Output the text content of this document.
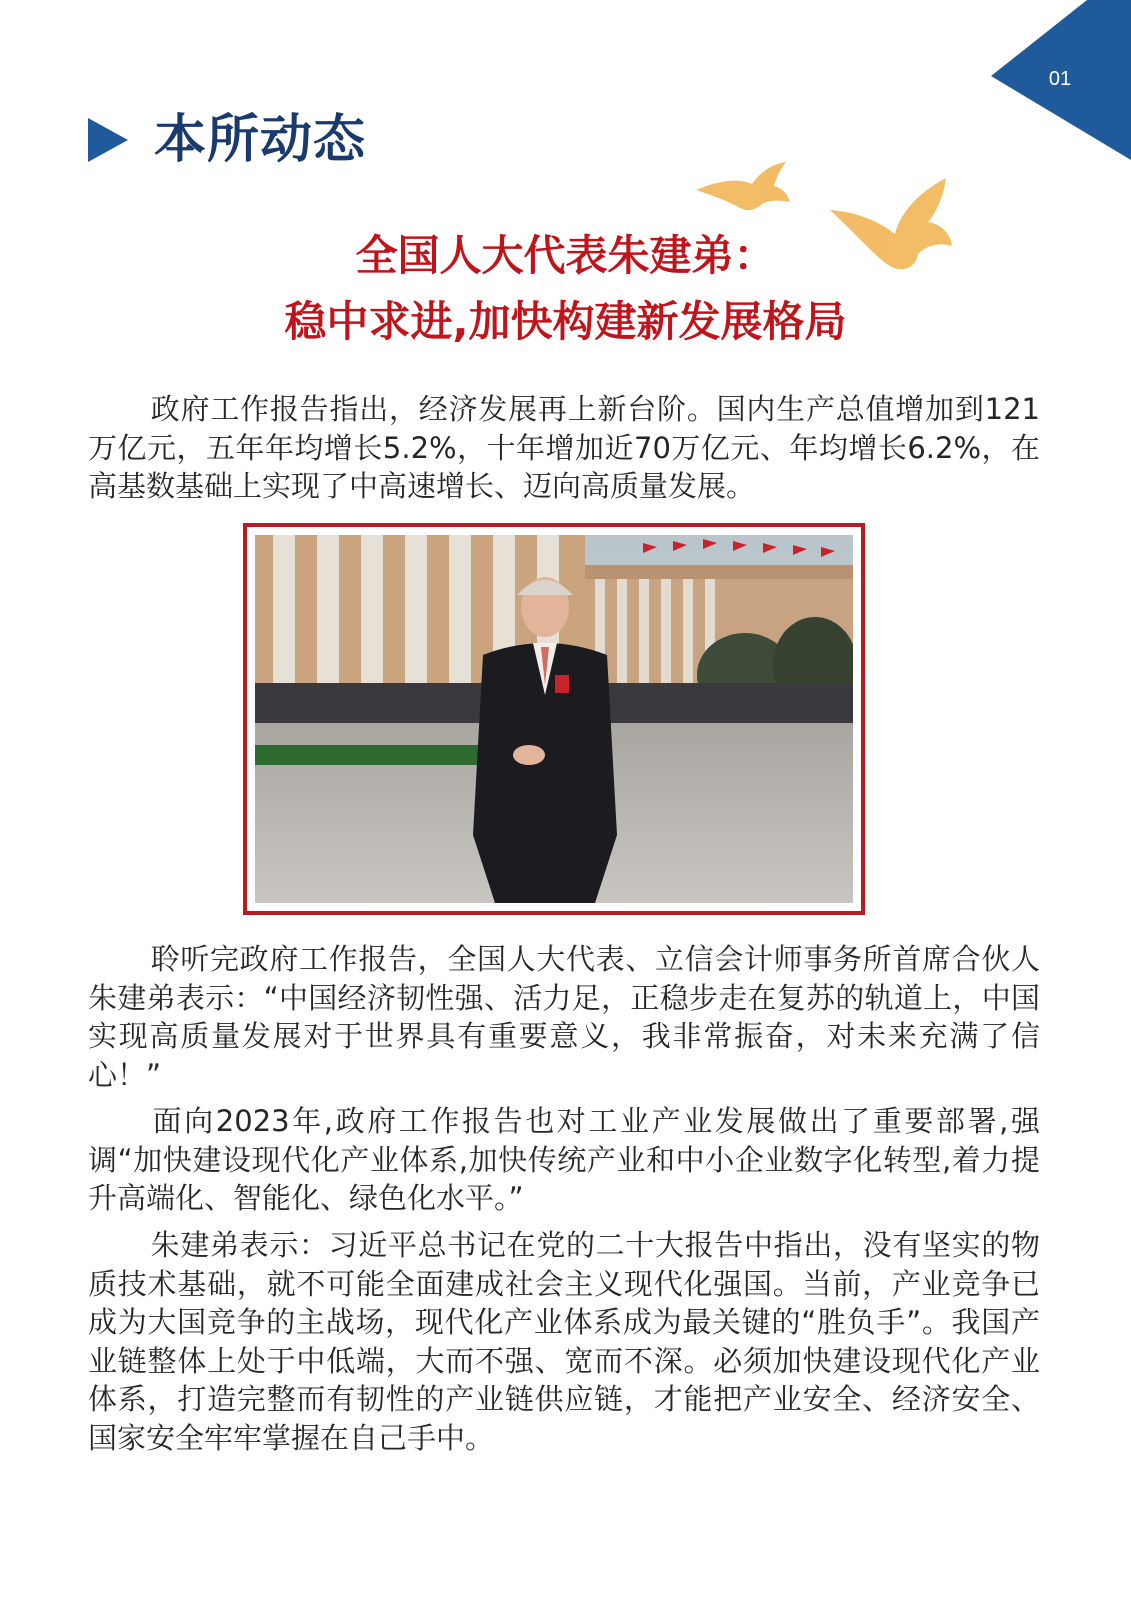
01
本所动态
全国人大代表朱建弟：
稳中求进,加快构建新发展格局

政府工作报告指出，经济发展再上新台阶。国内生产总值增加到121万亿元，五年年均增长5.2%，十年增加近70万亿元、年均增长6.2%，在高基数基础上实现了中高速增长、迈向高质量发展。

聆听完政府工作报告，全国人大代表、立信会计师事务所首席合伙人朱建弟表示：“中国经济韧性强、活力足，正稳步走在复苏的轨道上，中国实现高质量发展对于世界具有重要意义，我非常振奋，对未来充满了信心！”

面向2023年,政府工作报告也对工业产业发展做出了重要部署,强调“加快建设现代化产业体系,加快传统产业和中小企业数字化转型,着力提升高端化、智能化、绿色化水平。”

朱建弟表示：习近平总书记在党的二十大报告中指出，没有坚实的物质技术基础，就不可能全面建成社会主义现代化强国。当前，产业竞争已成为大国竞争的主战场，现代化产业体系成为最关键的“胜负手”。我国产业链整体上处于中低端，大而不强、宽而不深。必须加快建设现代化产业体系，打造完整而有韧性的产业链供应链，才能把产业安全、经济安全、国家安全牢牢掌握在自己手中。
